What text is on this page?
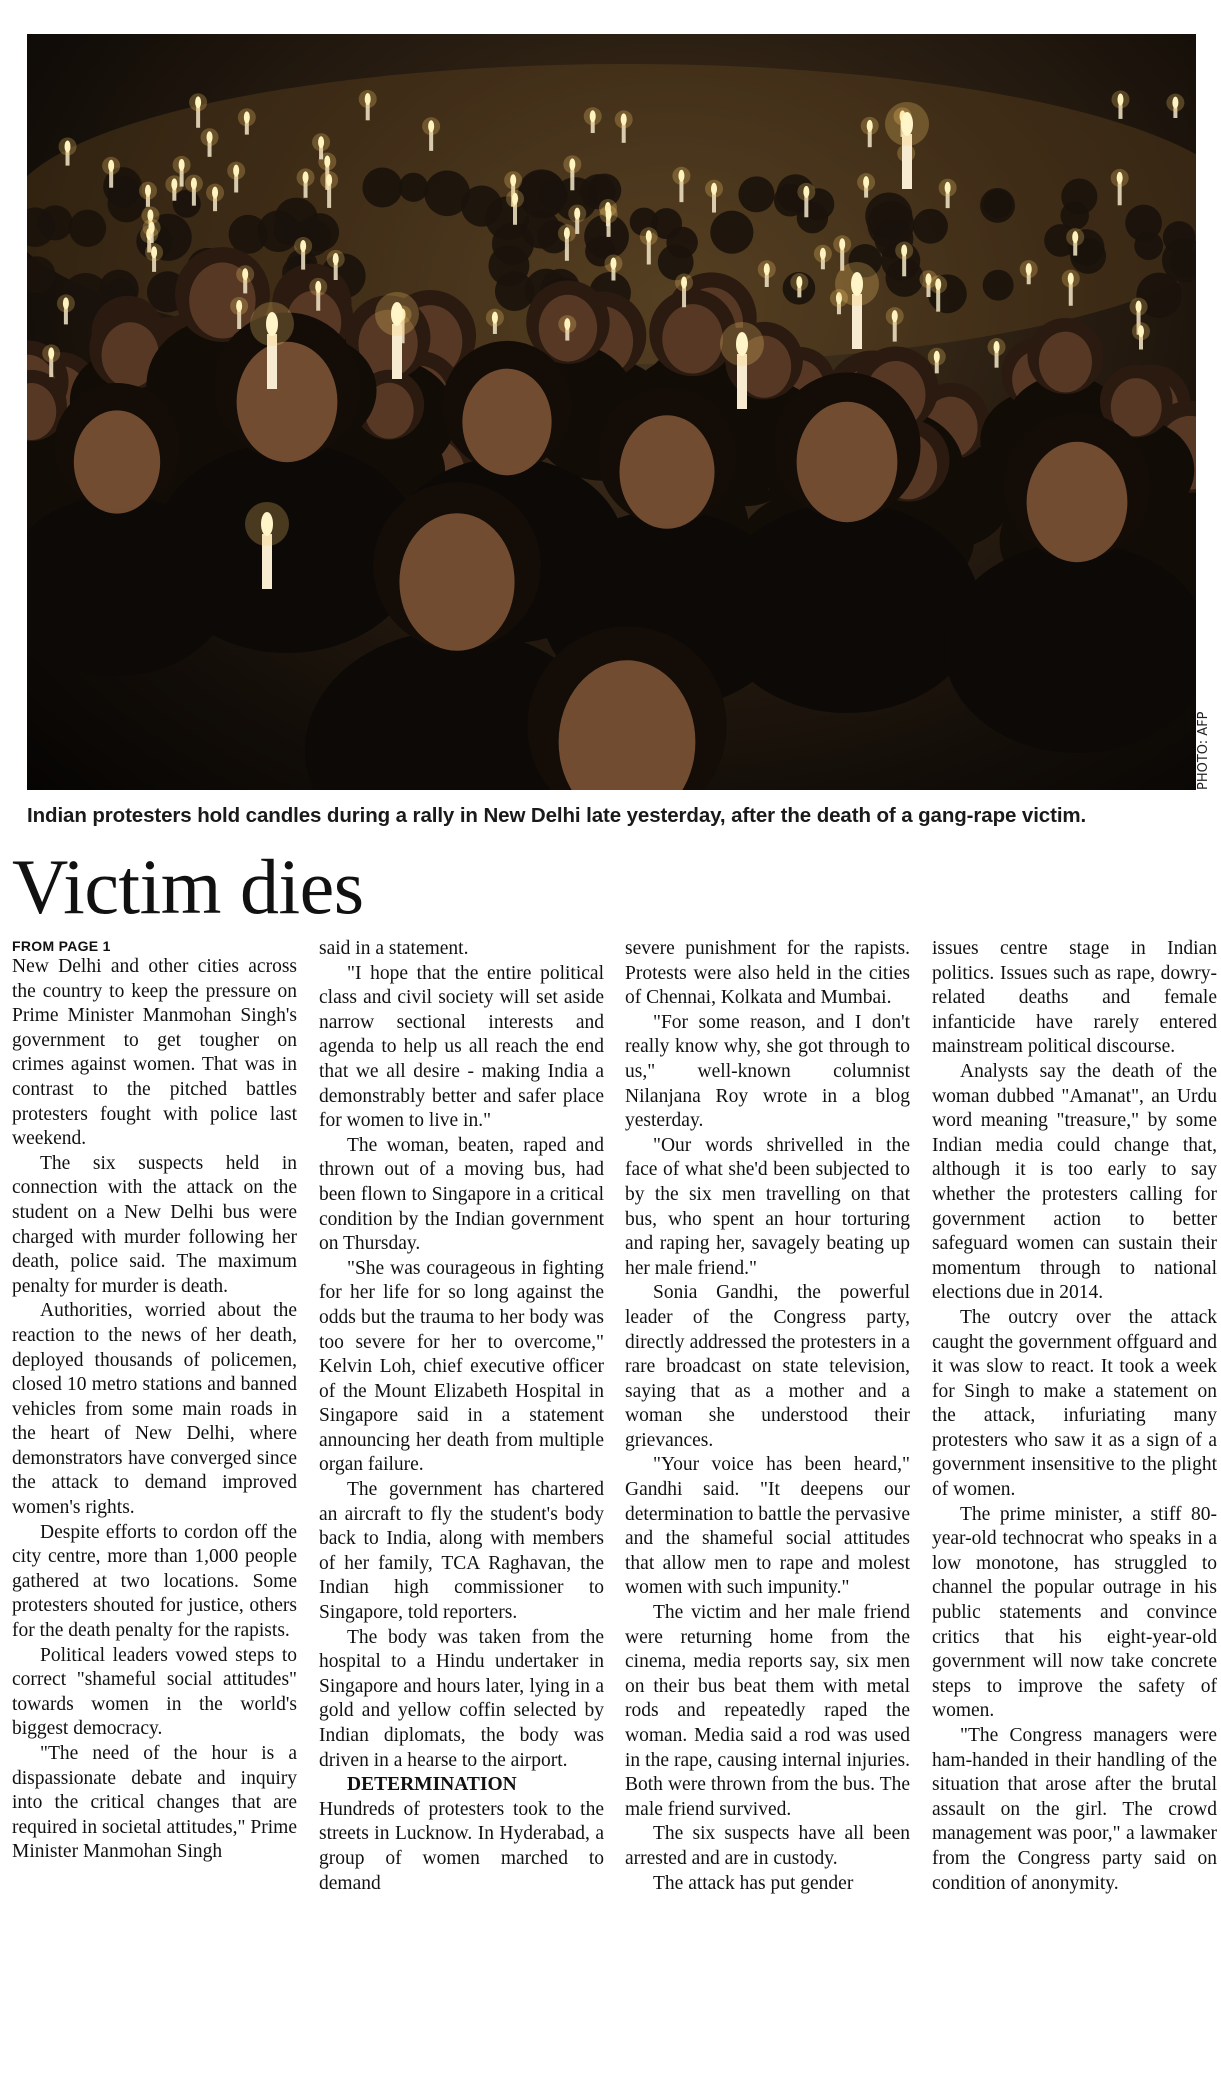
PHOTO: AFP
Indian protesters hold candles during a rally in New Delhi late yesterday, after the death of a gang-rape victim.
Victim dies
FROM PAGE 1

New Delhi and other cities across the country to keep the pressure on Prime Minister Manmohan Singh's government to get tougher on crimes against women. That was in contrast to the pitched battles protesters fought with police last weekend.

The six suspects held in connection with the attack on the student on a New Delhi bus were charged with murder following her death, police said. The maximum penalty for murder is death.

Authorities, worried about the reaction to the news of her death, deployed thousands of policemen, closed 10 metro stations and banned vehicles from some main roads in the heart of New Delhi, where demonstrators have converged since the attack to demand improved women's rights.

Despite efforts to cordon off the city centre, more than 1,000 people gathered at two locations. Some protesters shouted for justice, others for the death penalty for the rapists.

Political leaders vowed steps to correct "shameful social attitudes" towards women in the world's biggest democracy.

"The need of the hour is a dispassionate debate and inquiry into the critical changes that are required in societal attitudes," Prime Minister Manmohan Singh

said in a statement.

"I hope that the entire political class and civil society will set aside narrow sectional interests and agenda to help us all reach the end that we all desire - making India a demonstrably better and safer place for women to live in."

The woman, beaten, raped and thrown out of a moving bus, had been flown to Singapore in a critical condition by the Indian government on Thursday.

"She was courageous in fighting for her life for so long against the odds but the trauma to her body was too severe for her to overcome," Kelvin Loh, chief executive officer of the Mount Elizabeth Hospital in Singapore said in a statement announcing her death from multiple organ failure.

The government has chartered an aircraft to fly the student's body back to India, along with members of her family, TCA Raghavan, the Indian high commissioner to Singapore, told reporters.

The body was taken from the hospital to a Hindu undertaker in Singapore and hours later, lying in a gold and yellow coffin selected by Indian diplomats, the body was driven in a hearse to the airport.

DETERMINATION

Hundreds of protesters took to the streets in Lucknow. In Hyderabad, a group of women marched to demand

severe punishment for the rapists. Protests were also held in the cities of Chennai, Kolkata and Mumbai.

"For some reason, and I don't really know why, she got through to us," well-known columnist Nilanjana Roy wrote in a blog yesterday.

"Our words shrivelled in the face of what she'd been subjected to by the six men travelling on that bus, who spent an hour torturing and raping her, savagely beating up her male friend."

Sonia Gandhi, the powerful leader of the Congress party, directly addressed the protesters in a rare broadcast on state television, saying that as a mother and a woman she understood their grievances.

"Your voice has been heard," Gandhi said. "It deepens our determination to battle the pervasive and the shameful social attitudes that allow men to rape and molest women with such impunity."

The victim and her male friend were returning home from the cinema, media reports say, six men on their bus beat them with metal rods and repeatedly raped the woman. Media said a rod was used in the rape, causing internal injuries. Both were thrown from the bus. The male friend survived.

The six suspects have all been arrested and are in custody.

The attack has put gender

issues centre stage in Indian politics. Issues such as rape, dowry-related deaths and female infanticide have rarely entered mainstream political discourse.

Analysts say the death of the woman dubbed "Amanat", an Urdu word meaning "treasure," by some Indian media could change that, although it is too early to say whether the protesters calling for government action to better safeguard women can sustain their momentum through to national elections due in 2014.

The outcry over the attack caught the government offguard and it was slow to react. It took a week for Singh to make a statement on the attack, infuriating many protesters who saw it as a sign of a government insensitive to the plight of women.

The prime minister, a stiff 80-year-old technocrat who speaks in a low monotone, has struggled to channel the popular outrage in his public statements and convince critics that his eight-year-old government will now take concrete steps to improve the safety of women.

"The Congress managers were ham-handed in their handling of the situation that arose after the brutal assault on the girl. The crowd management was poor," a lawmaker from the Congress party said on condition of anonymity.
